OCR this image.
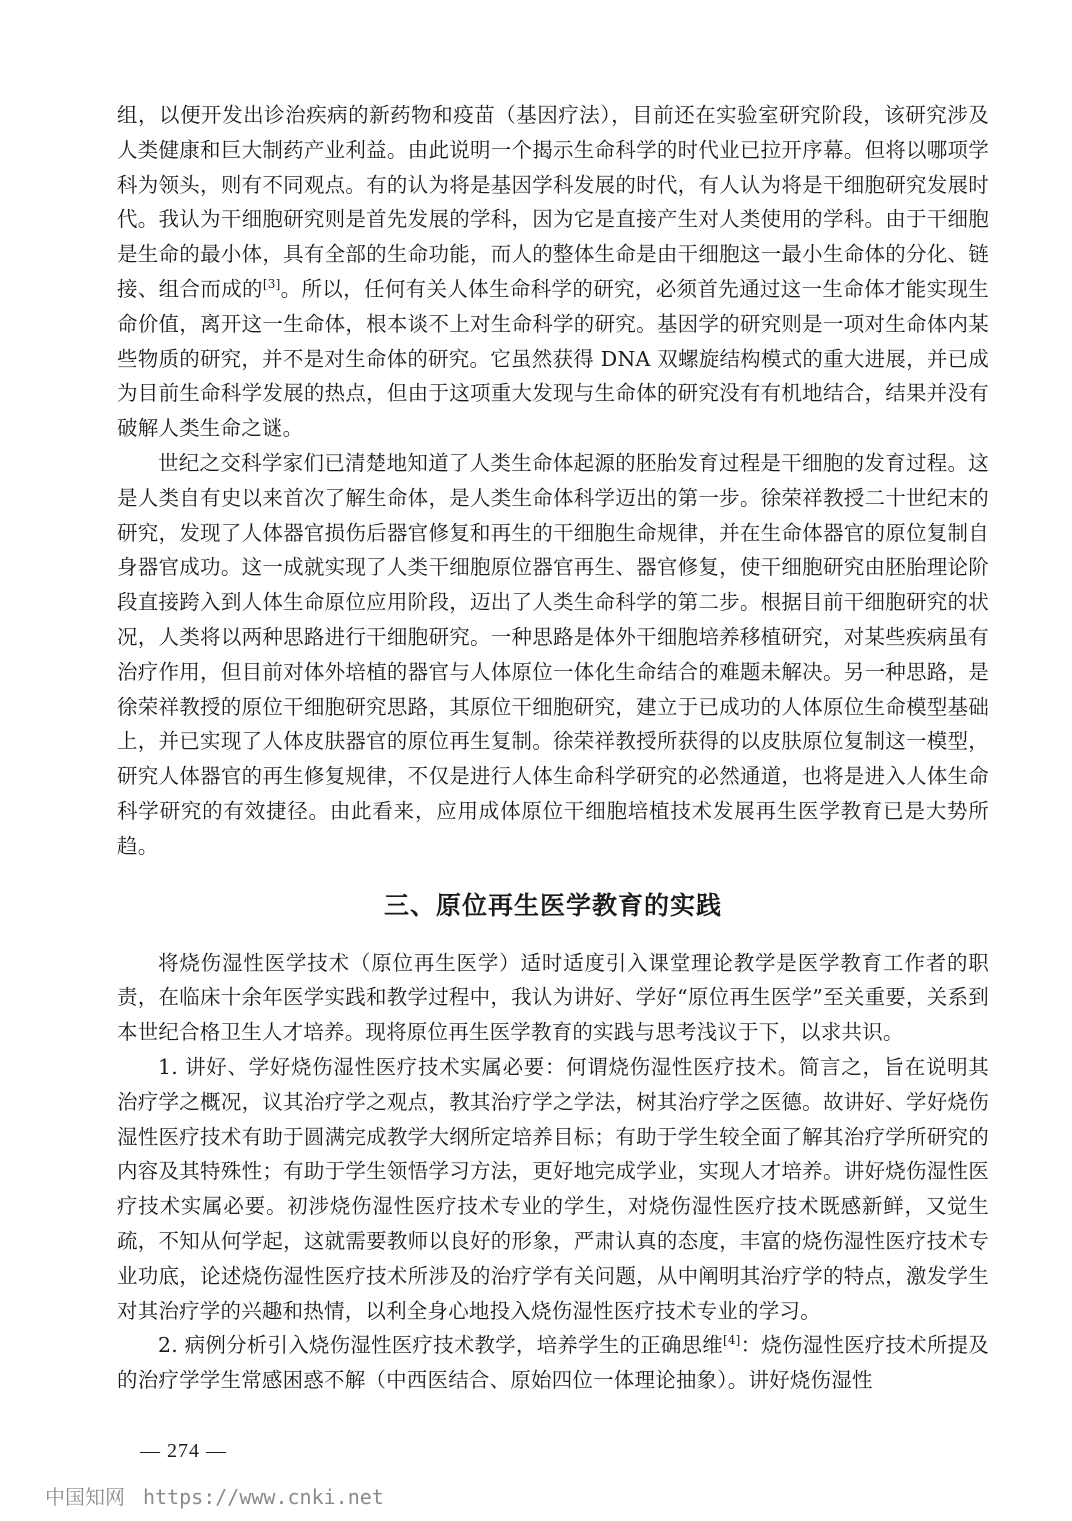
组，以便开发出诊治疾病的新药物和疫苗（基因疗法），目前还在实验室研究阶段，该研究涉及人类健康和巨大制药产业利益。由此说明一个揭示生命科学的时代业已拉开序幕。但将以哪项学科为领头，则有不同观点。有的认为将是基因学科发展的时代，有人认为将是干细胞研究发展时代。我认为干细胞研究则是首先发展的学科，因为它是直接产生对人类使用的学科。由于干细胞是生命的最小体，具有全部的生命功能，而人的整体生命是由干细胞这一最小生命体的分化、链接、组合而成的[3]。所以，任何有关人体生命科学的研究，必须首先通过这一生命体才能实现生命价值，离开这一生命体，根本谈不上对生命科学的研究。基因学的研究则是一项对生命体内某些物质的研究，并不是对生命体的研究。它虽然获得 DNA 双螺旋结构模式的重大进展，并已成为目前生命科学发展的热点，但由于这项重大发现与生命体的研究没有有机地结合，结果并没有破解人类生命之谜。

世纪之交科学家们已清楚地知道了人类生命体起源的胚胎发育过程是干细胞的发育过程。这是人类自有史以来首次了解生命体，是人类生命体科学迈出的第一步。徐荣祥教授二十世纪末的研究，发现了人体器官损伤后器官修复和再生的干细胞生命规律，并在生命体器官的原位复制自身器官成功。这一成就实现了人类干细胞原位器官再生、器官修复，使干细胞研究由胚胎理论阶段直接跨入到人体生命原位应用阶段，迈出了人类生命科学的第二步。根据目前干细胞研究的状况，人类将以两种思路进行干细胞研究。一种思路是体外干细胞培养移植研究，对某些疾病虽有治疗作用，但目前对体外培植的器官与人体原位一体化生命结合的难题未解决。另一种思路，是徐荣祥教授的原位干细胞研究思路，其原位干细胞研究，建立于已成功的人体原位生命模型基础上，并已实现了人体皮肤器官的原位再生复制。徐荣祥教授所获得的以皮肤原位复制这一模型，研究人体器官的再生修复规律，不仅是进行人体生命科学研究的必然通道，也将是进入人体生命科学研究的有效捷径。由此看来，应用成体原位干细胞培植技术发展再生医学教育已是大势所趋。

三、原位再生医学教育的实践

将烧伤湿性医学技术（原位再生医学）适时适度引入课堂理论教学是医学教育工作者的职责，在临床十余年医学实践和教学过程中，我认为讲好、学好“原位再生医学”至关重要，关系到本世纪合格卫生人才培养。现将原位再生医学教育的实践与思考浅议于下，以求共识。

1. 讲好、学好烧伤湿性医疗技术实属必要：何谓烧伤湿性医疗技术。简言之，旨在说明其治疗学之概况，议其治疗学之观点，教其治疗学之学法，树其治疗学之医德。故讲好、学好烧伤湿性医疗技术有助于圆满完成教学大纲所定培养目标；有助于学生较全面了解其治疗学所研究的内容及其特殊性；有助于学生领悟学习方法，更好地完成学业，实现人才培养。讲好烧伤湿性医疗技术实属必要。初涉烧伤湿性医疗技术专业的学生，对烧伤湿性医疗技术既感新鲜，又觉生疏，不知从何学起，这就需要教师以良好的形象，严肃认真的态度，丰富的烧伤湿性医疗技术专业功底，论述烧伤湿性医疗技术所涉及的治疗学有关问题，从中阐明其治疗学的特点，激发学生对其治疗学的兴趣和热情，以利全身心地投入烧伤湿性医疗技术专业的学习。

2. 病例分析引入烧伤湿性医疗技术教学，培养学生的正确思维[4]：烧伤湿性医疗技术所提及的治疗学学生常感困惑不解（中西医结合、原始四位一体理论抽象）。讲好烧伤湿性

— 274 —
中国知网 https://www.cnki.net
